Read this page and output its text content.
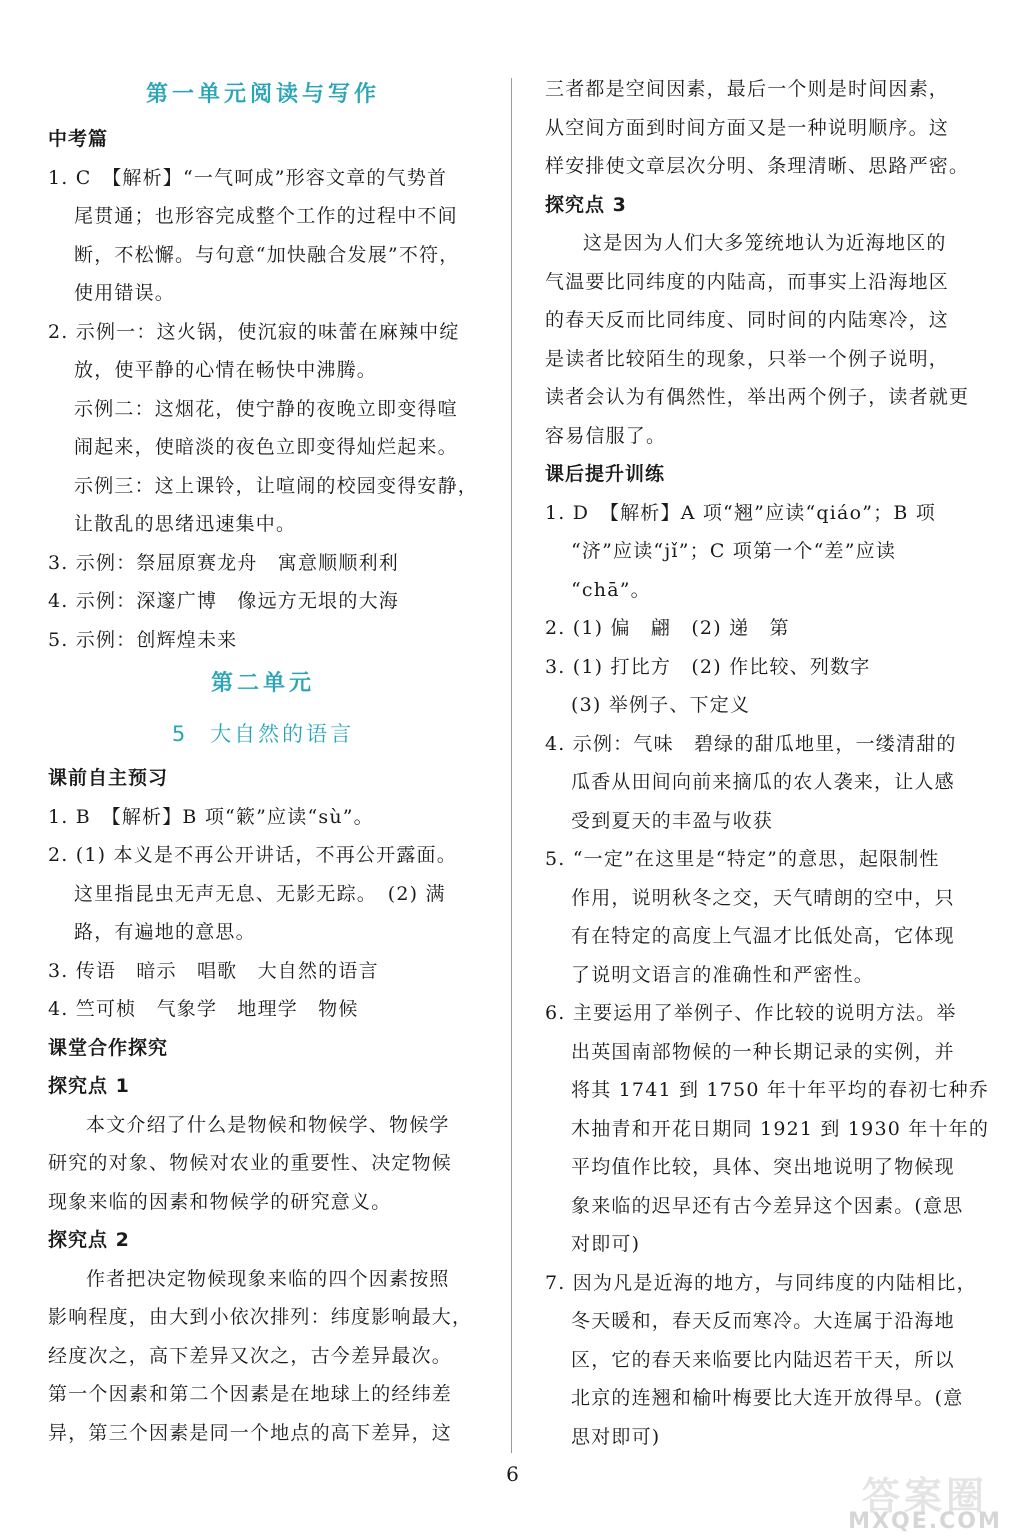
第一单元阅读与写作
中考篇
1. C　【解析】“一气呵成”形容文章的气势首
尾贯通；也形容完成整个工作的过程中不间
断，不松懈。与句意“加快融合发展”不符，
使用错误。
2. 示例一：这火锅，使沉寂的味蕾在麻辣中绽
放，使平静的心情在畅快中沸腾。
示例二：这烟花，使宁静的夜晚立即变得喧
闹起来，使暗淡的夜色立即变得灿烂起来。
示例三：这上课铃，让喧闹的校园变得安静，
让散乱的思绪迅速集中。
3. 示例：祭屈原赛龙舟　寓意顺顺利利
4. 示例：深邃广博　像远方无垠的大海
5. 示例：创辉煌未来
第二单元
5 大自然的语言
课前自主预习
1. B　【解析】B 项“簌”应读“sù”。
2. (1) 本义是不再公开讲话，不再公开露面。
这里指昆虫无声无息、无影无踪。　(2) 满
路，有遍地的意思。
3. 传语　暗示　唱歌　大自然的语言
4. 竺可桢　气象学　地理学　物候
课堂合作探究
探究点 1
本文介绍了什么是物候和物候学、物候学
研究的对象、物候对农业的重要性、决定物候
现象来临的因素和物候学的研究意义。
探究点 2
作者把决定物候现象来临的四个因素按照
影响程度，由大到小依次排列：纬度影响最大，
经度次之，高下差异又次之，古今差异最次。
第一个因素和第二个因素是在地球上的经纬差
异，第三个因素是同一个地点的高下差异，这
三者都是空间因素，最后一个则是时间因素，
从空间方面到时间方面又是一种说明顺序。这
样安排使文章层次分明、条理清晰、思路严密。
探究点 3
这是因为人们大多笼统地认为近海地区的
气温要比同纬度的内陆高，而事实上沿海地区
的春天反而比同纬度、同时间的内陆寒冷，这
是读者比较陌生的现象，只举一个例子说明，
读者会认为有偶然性，举出两个例子，读者就更
容易信服了。
课后提升训练
1. D　【解析】A 项“翘”应读“qiáo”；B 项
“济”应读“jǐ”；C 项第一个“差”应读
“chā”。
2. (1) 偏　翩　(2) 递　第
3. (1) 打比方　(2) 作比较、列数字
(3) 举例子、下定义
4. 示例：气味　碧绿的甜瓜地里，一缕清甜的
瓜香从田间向前来摘瓜的农人袭来，让人感
受到夏天的丰盈与收获
5. “一定”在这里是“特定”的意思，起限制性
作用，说明秋冬之交，天气晴朗的空中，只
有在特定的高度上气温才比低处高，它体现
了说明文语言的准确性和严密性。
6. 主要运用了举例子、作比较的说明方法。举
出英国南部物候的一种长期记录的实例，并
将其 1741 到 1750 年十年平均的春初七种乔
木抽青和开花日期同 1921 到 1930 年十年的
平均值作比较，具体、突出地说明了物候现
象来临的迟早还有古今差异这个因素。(意思
对即可)
7. 因为凡是近海的地方，与同纬度的内陆相比，
冬天暖和，春天反而寒冷。大连属于沿海地
区，它的春天来临要比内陆迟若干天，所以
北京的连翘和榆叶梅要比大连开放得早。(意
思对即可)
6	答案圈
MXQE.COM
